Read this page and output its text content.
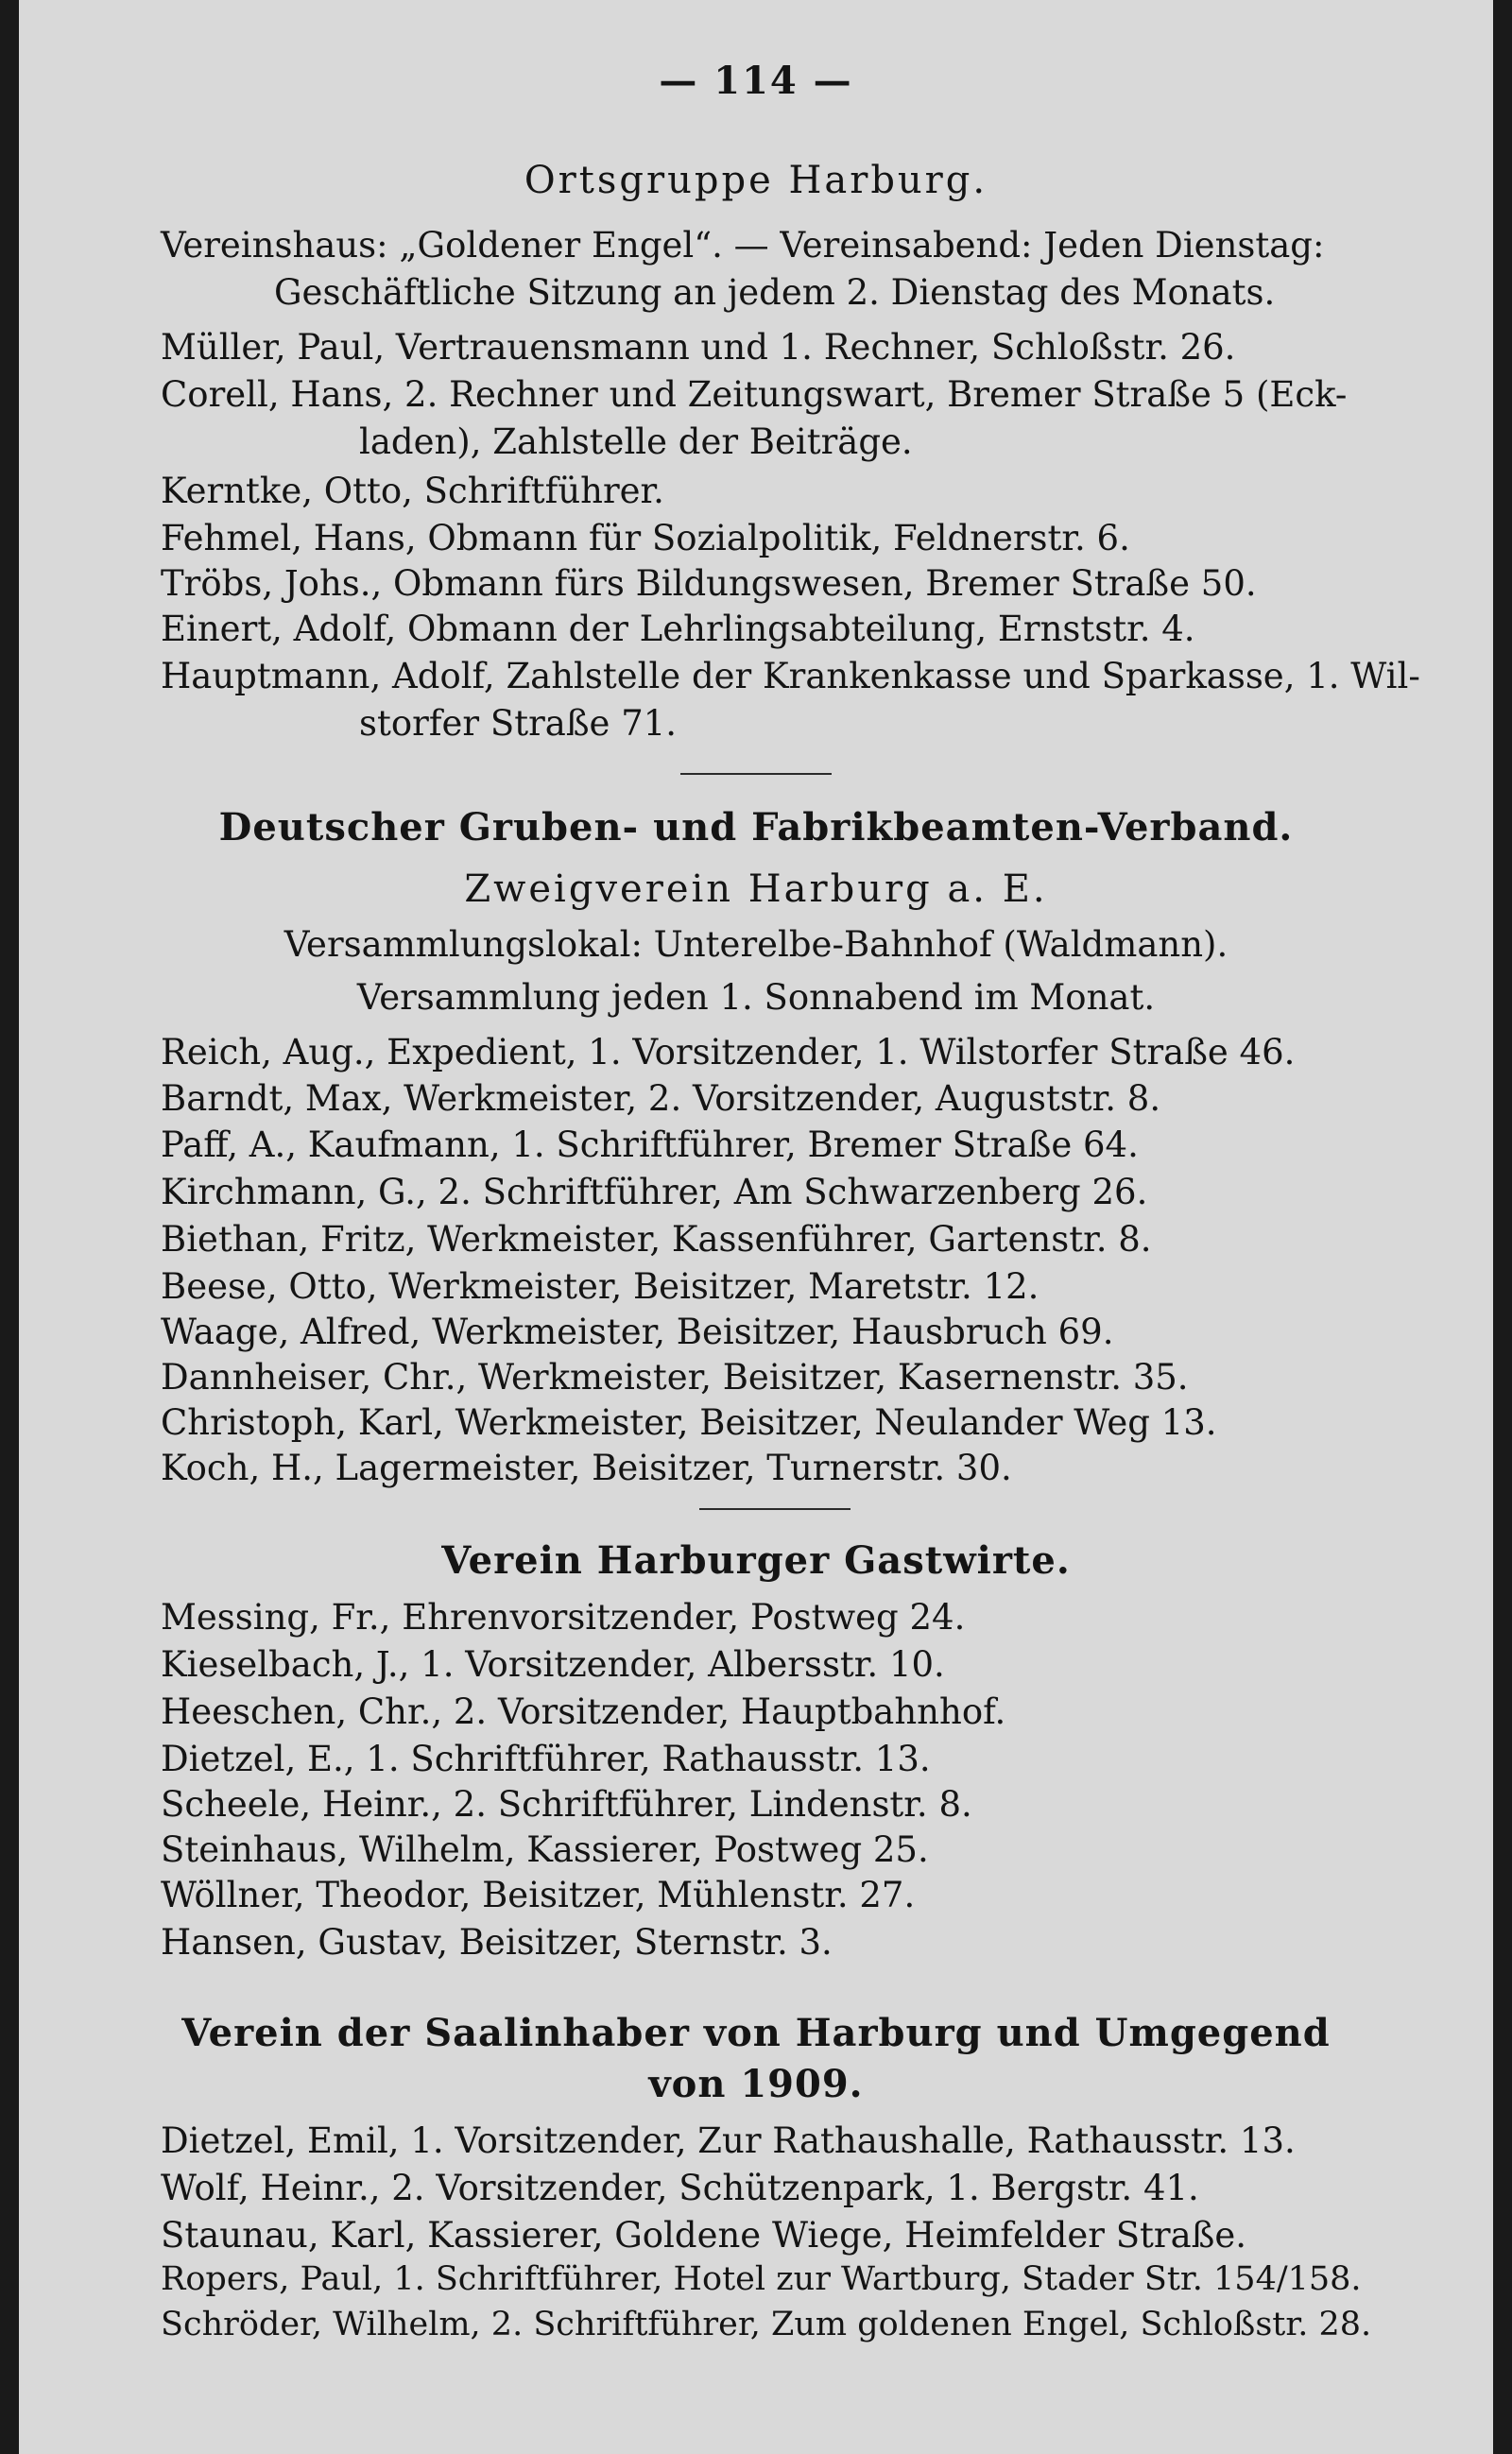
— 114 —
Ortsgruppe Harburg.
Vereinshaus: „Goldener Engel“. — Vereinsabend: Jeden Dienstag:
Geschäftliche Sitzung an jedem 2. Dienstag des Monats.
Müller, Paul, Vertrauensmann und 1. Rechner, Schloßstr. 26.
Corell, Hans, 2. Rechner und Zeitungswart, Bremer Straße 5 (Eck-
laden), Zahlstelle der Beiträge.
Kerntke, Otto, Schriftführer.
Fehmel, Hans, Obmann für Sozialpolitik, Feldnerstr. 6.
Tröbs, Johs., Obmann fürs Bildungswesen, Bremer Straße 50.
Einert, Adolf, Obmann der Lehrlingsabteilung, Ernststr. 4.
Hauptmann, Adolf, Zahlstelle der Krankenkasse und Sparkasse, 1. Wil-
storfer Straße 71.
Deutscher Gruben- und Fabrikbeamten-Verband.
Zweigverein Harburg a. E.
Versammlungslokal: Unterelbe-Bahnhof (Waldmann).
Versammlung jeden 1. Sonnabend im Monat.
Reich, Aug., Expedient, 1. Vorsitzender, 1. Wilstorfer Straße 46.
Barndt, Max, Werkmeister, 2. Vorsitzender, Auguststr. 8.
Paff, A., Kaufmann, 1. Schriftführer, Bremer Straße 64.
Kirchmann, G., 2. Schriftführer, Am Schwarzenberg 26.
Biethan, Fritz, Werkmeister, Kassenführer, Gartenstr. 8.
Beese, Otto, Werkmeister, Beisitzer, Maretstr. 12.
Waage, Alfred, Werkmeister, Beisitzer, Hausbruch 69.
Dannheiser, Chr., Werkmeister, Beisitzer, Kasernenstr. 35.
Christoph, Karl, Werkmeister, Beisitzer, Neulander Weg 13.
Koch, H., Lagermeister, Beisitzer, Turnerstr. 30.
Verein Harburger Gastwirte.
Messing, Fr., Ehrenvorsitzender, Postweg 24.
Kieselbach, J., 1. Vorsitzender, Albersstr. 10.
Heeschen, Chr., 2. Vorsitzender, Hauptbahnhof.
Dietzel, E., 1. Schriftführer, Rathausstr. 13.
Scheele, Heinr., 2. Schriftführer, Lindenstr. 8.
Steinhaus, Wilhelm, Kassierer, Postweg 25.
Wöllner, Theodor, Beisitzer, Mühlenstr. 27.
Hansen, Gustav, Beisitzer, Sternstr. 3.
Verein der Saalinhaber von Harburg und Umgegend
von 1909.
Dietzel, Emil, 1. Vorsitzender, Zur Rathaushalle, Rathausstr. 13.
Wolf, Heinr., 2. Vorsitzender, Schützenpark, 1. Bergstr. 41.
Staunau, Karl, Kassierer, Goldene Wiege, Heimfelder Straße.
Ropers, Paul, 1. Schriftführer, Hotel zur Wartburg, Stader Str. 154/158.
Schröder, Wilhelm, 2. Schriftführer, Zum goldenen Engel, Schloßstr. 28.
